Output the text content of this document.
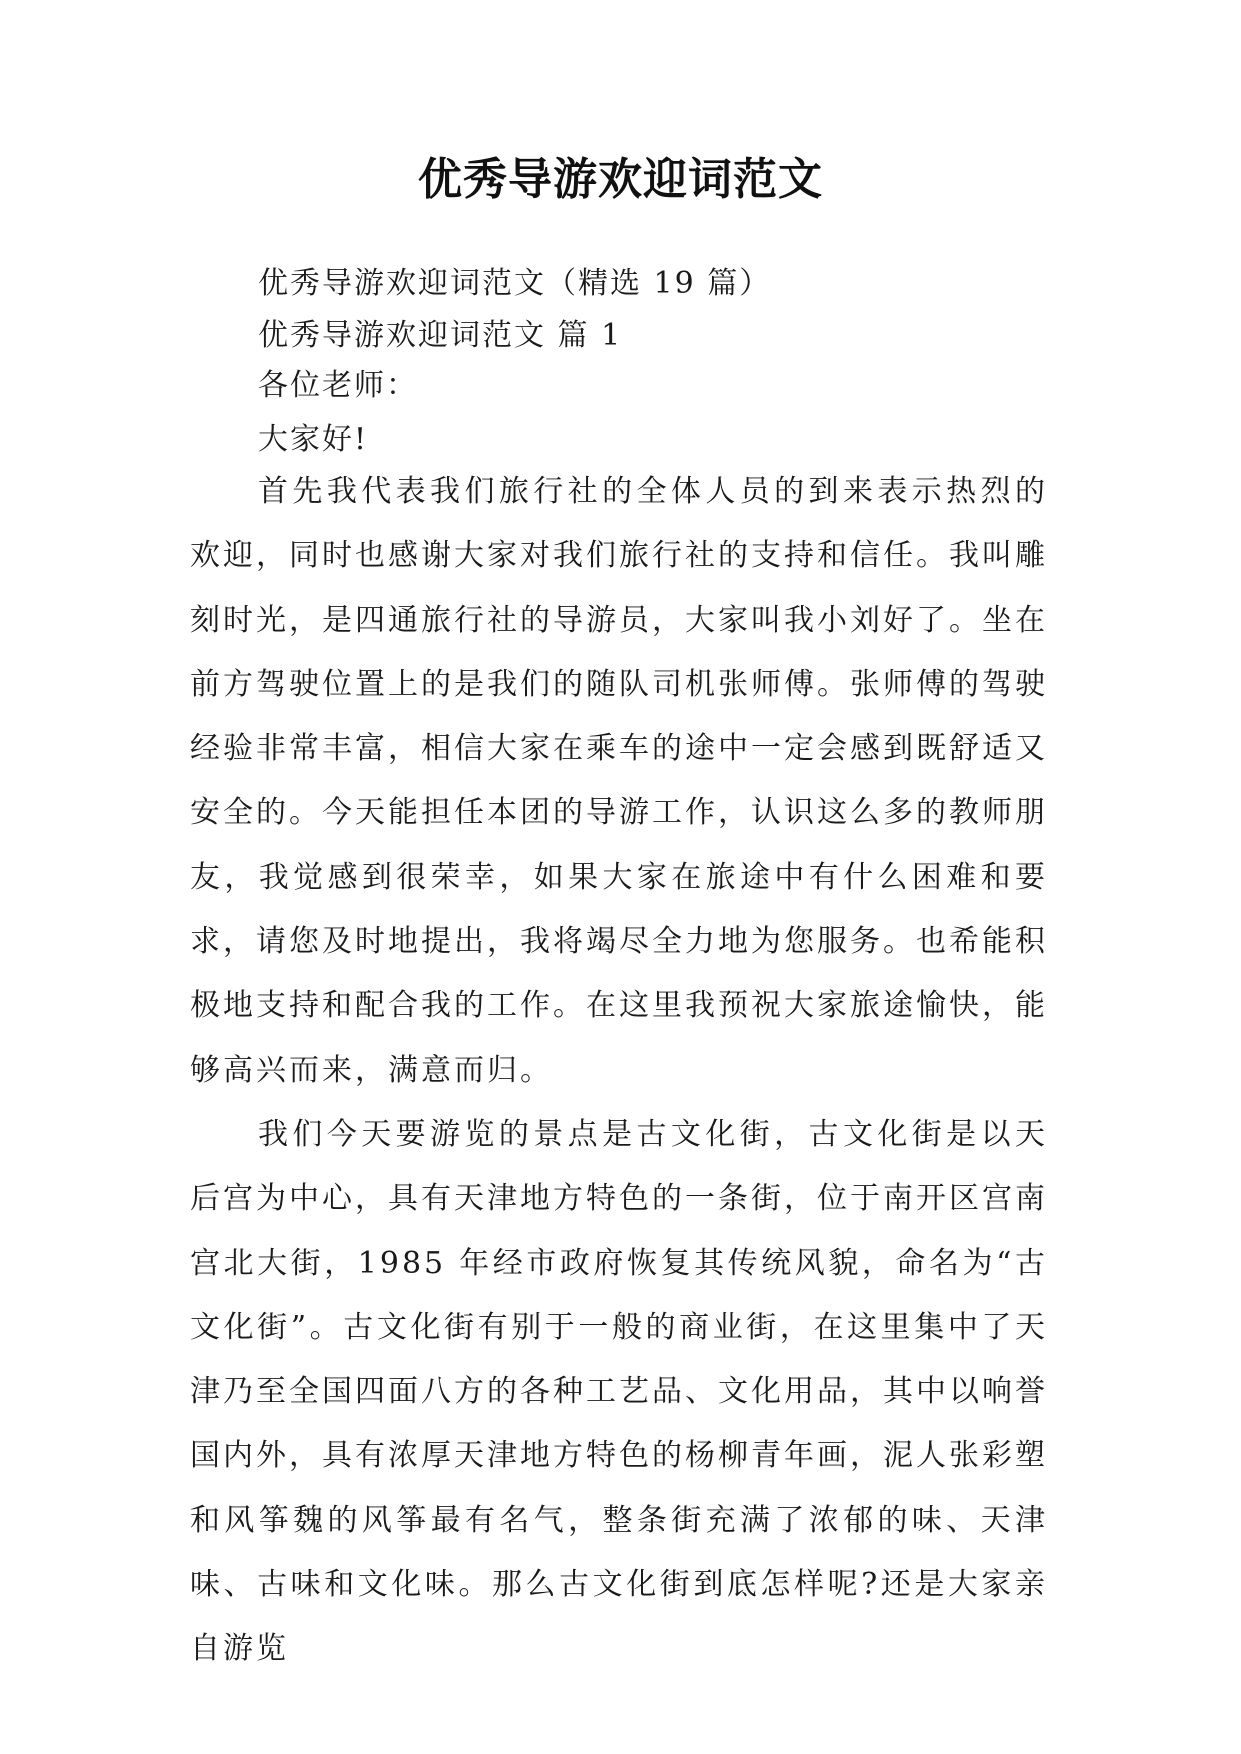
优秀导游欢迎词范文
优秀导游欢迎词范文（精选 19 篇）
优秀导游欢迎词范文 篇 1
各位老师：
大家好!

首先我代表我们旅行社的全体人员的到来表示热烈的欢迎，同时也感谢大家对我们旅行社的支持和信任。我叫雕刻时光，是四通旅行社的导游员，大家叫我小刘好了。坐在前方驾驶位置上的是我们的随队司机张师傅。张师傅的驾驶经验非常丰富，相信大家在乘车的途中一定会感到既舒适又安全的。今天能担任本团的导游工作，认识这么多的教师朋友，我觉感到很荣幸，如果大家在旅途中有什么困难和要求，请您及时地提出，我将竭尽全力地为您服务。也希能积极地支持和配合我的工作。在这里我预祝大家旅途愉快，能够高兴而来，满意而归。

我们今天要游览的景点是古文化街，古文化街是以天后宫为中心，具有天津地方特色的一条街，位于南开区宫南宫北大街，1985 年经市政府恢复其传统风貌，命名为“古文化街”。古文化街有别于一般的商业街，在这里集中了天津乃至全国四面八方的各种工艺品、文化用品，其中以响誉国内外，具有浓厚天津地方特色的杨柳青年画，泥人张彩塑和风筝魏的风筝最有名气，整条街充满了浓郁的味、天津味、古味和文化味。那么古文化街到底怎样呢?还是大家亲自游览
